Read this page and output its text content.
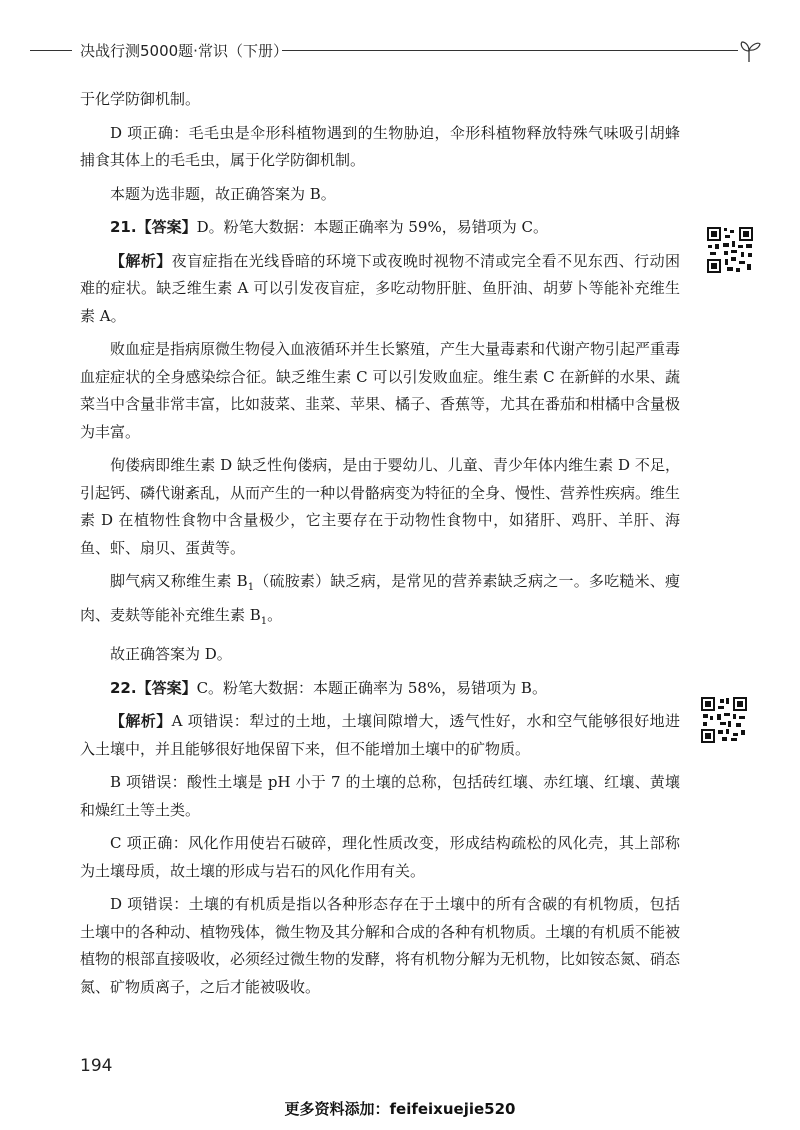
决战行测5000题·常识（下册）

于化学防御机制。

D 项正确：毛毛虫是伞形科植物遇到的生物胁迫，伞形科植物释放特殊气味吸引胡蜂捕食其体上的毛毛虫，属于化学防御机制。

本题为选非题，故正确答案为 B。

21.【答案】D。粉笔大数据：本题正确率为 59%，易错项为 C。

【解析】夜盲症指在光线昏暗的环境下或夜晚时视物不清或完全看不见东西、行动困难的症状。缺乏维生素 A 可以引发夜盲症，多吃动物肝脏、鱼肝油、胡萝卜等能补充维生素 A。

败血症是指病原微生物侵入血液循环并生长繁殖，产生大量毒素和代谢产物引起严重毒血症症状的全身感染综合征。缺乏维生素 C 可以引发败血症。维生素 C 在新鲜的水果、蔬菜当中含量非常丰富，比如菠菜、韭菜、苹果、橘子、香蕉等，尤其在番茄和柑橘中含量极为丰富。

佝偻病即维生素 D 缺乏性佝偻病，是由于婴幼儿、儿童、青少年体内维生素 D 不足，引起钙、磷代谢紊乱，从而产生的一种以骨骼病变为特征的全身、慢性、营养性疾病。维生素 D 在植物性食物中含量极少，它主要存在于动物性食物中，如猪肝、鸡肝、羊肝、海鱼、虾、扇贝、蛋黄等。

脚气病又称维生素 $B_1$（硫胺素）缺乏病，是常见的营养素缺乏病之一。多吃糙米、瘦肉、麦麸等能补充维生素 $B_1$。

故正确答案为 D。

22.【答案】C。粉笔大数据：本题正确率为 58%，易错项为 B。

【解析】A 项错误：犁过的土地，土壤间隙增大，透气性好，水和空气能够很好地进入土壤中，并且能够很好地保留下来，但不能增加土壤中的矿物质。

B 项错误：酸性土壤是 pH 小于 7 的土壤的总称，包括砖红壤、赤红壤、红壤、黄壤和燥红土等土类。

C 项正确：风化作用使岩石破碎，理化性质改变，形成结构疏松的风化壳，其上部称为土壤母质，故土壤的形成与岩石的风化作用有关。

D 项错误：土壤的有机质是指以各种形态存在于土壤中的所有含碳的有机物质，包括土壤中的各种动、植物残体，微生物及其分解和合成的各种有机物质。土壤的有机质不能被植物的根部直接吸收，必须经过微生物的发酵，将有机物分解为无机物，比如铵态氮、硝态氮、矿物质离子，之后才能被吸收。

194
更多资料添加：feifeixuejie520
